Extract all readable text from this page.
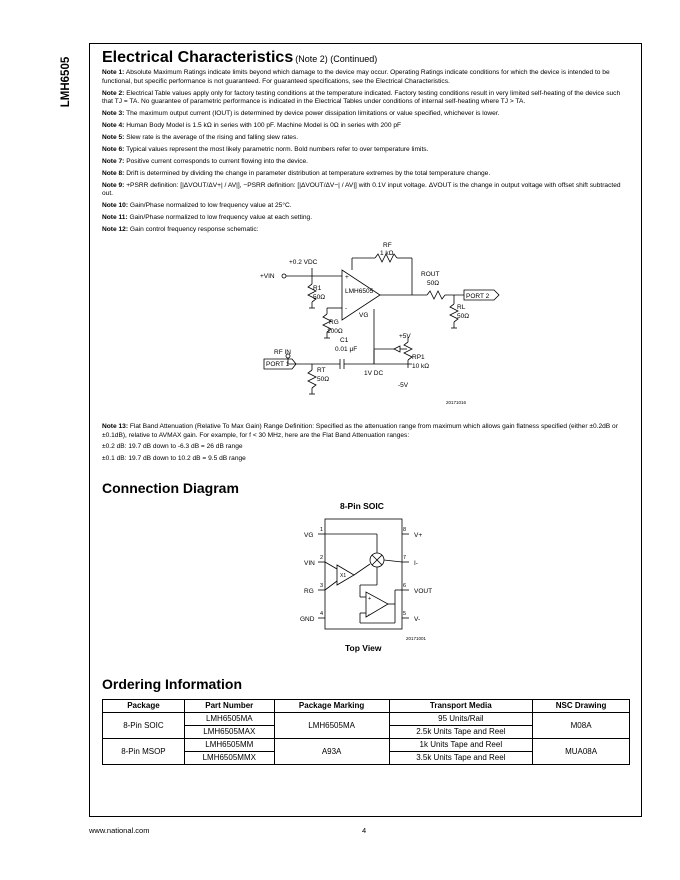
LMH6505 Electrical Characteristics (Note 2) (Continued)

Note 1: Absolute Maximum Ratings indicate limits beyond which damage to the device may occur. Operating Ratings indicate conditions for which the device is intended to be functional, but specific performance is not guaranteed. For guaranteed specifications, see the Electrical Characteristics.

Note 2: Electrical Table values apply only for factory testing conditions at the temperature indicated. Factory testing conditions result in very limited self-heating of the device such that TJ = TA. No guarantee of parametric performance is indicated in the Electrical Tables under conditions of internal self-heating where TJ > TA.

Note 3: The maximum output current (IOUT) is determined by device power dissipation limitations or value specified, whichever is lower.

Note 4: Human Body Model is 1.5 kΩ in series with 100 pF. Machine Model is 0Ω in series with 200 pF

Note 5: Slew rate is the average of the rising and falling slew rates.

Note 6: Typical values represent the most likely parametric norm. Bold numbers refer to over temperature limits.

Note 7: Positive current corresponds to current flowing into the device.

Note 8: Drift is determined by dividing the change in parameter distribution at temperature extremes by the total temperature change.

Note 9: +PSRR definition: [|ΔVOUT/ΔV+| / AV|], −PSRR definition: [|ΔVOUT/ΔV−| / AV|] with 0.1V input voltage. ΔVOUT is the change in output voltage with offset shift subtracted out.

Note 10: Gain/Phase normalized to low frequency value at 25°C.

Note 11: Gain/Phase normalized to low frequency value at each setting.

Note 12: Gain control frequency response schematic:

RF
1 kΩ
+0.2 VDC
+VIN
R1
50Ω
+
LMH6505
-
VG
ROUT
50Ω
PORT 2
RL
50Ω
RG
100Ω
C1
0.01 μF
+5V
RP1
10 kΩ
RF IN
PORT 1
RT
50Ω
1V DC
-5V
20171016

Note 13: Flat Band Attenuation (Relative To Max Gain) Range Definition: Specified as the attenuation range from maximum which allows gain flatness specified (either ±0.2dB or ±0.1dB), relative to AVMAX gain. For example, for f < 30 MHz, here are the Flat Band Attenuation ranges:

±0.2 dB: 19.7 dB down to -6.3 dB = 26 dB range

±0.1 dB: 19.7 dB down to 10.2 dB = 9.5 dB range

Connection Diagram
8-Pin SOIC
VG
1
VIN
2
RG
3
GND
4
V+
8
I-
7
VOUT
6
V-
5
X1
+
-
20171001
Top View
Ordering Information
Package	Part Number	Package Marking	Transport Media	NSC Drawing
8-Pin SOIC	LMH6505MA	LMH6505MA	95 Units/Rail	M08A
	LMH6505MAX		2.5k Units Tape and Reel	
8-Pin MSOP	LMH6505MM	A93A	1k Units Tape and Reel	MUA08A
	LMH6505MMX		3.5k Units Tape and Reel	
www.national.com	4
